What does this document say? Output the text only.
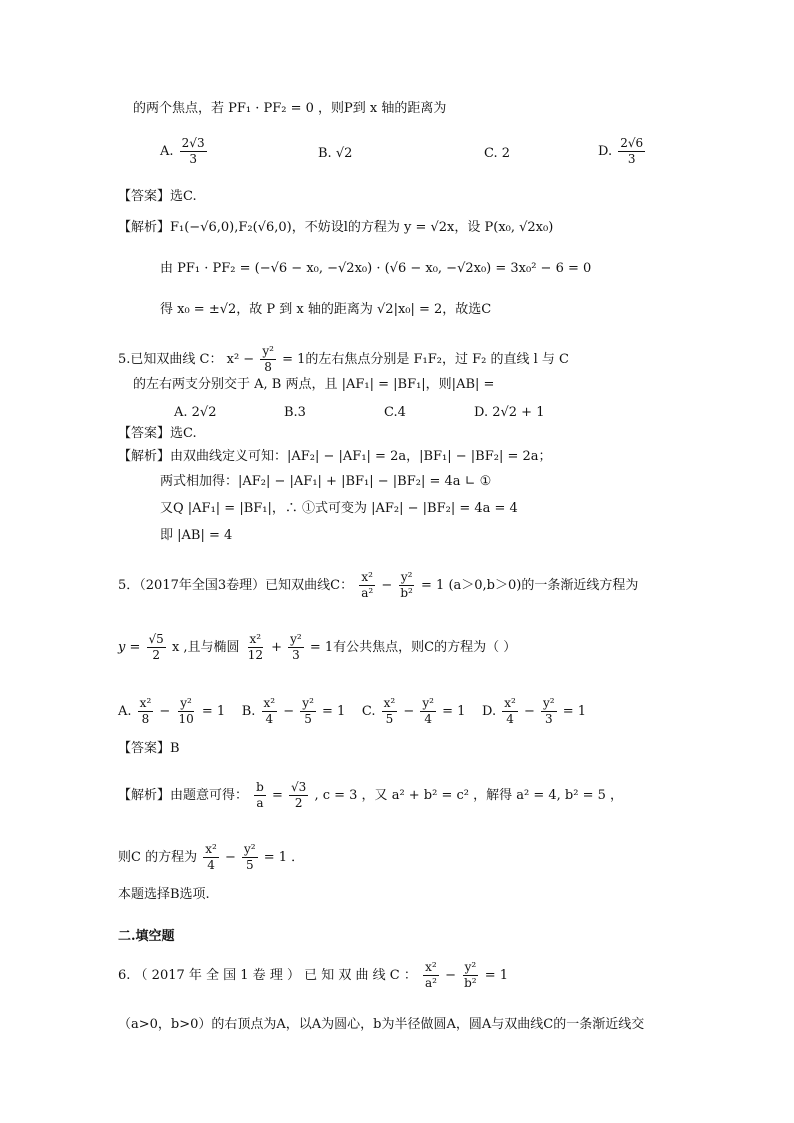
的两个焦点，若 PF₁ · PF₂ = 0 ，则P到 x 轴的距离为
A. $\frac{2√3}{3}$	B. √2	C. 2	D. $\frac{2√6}{3}$
【答案】选C.
【解析】F₁(−√6,0),F₂(√6,0)，不妨设l的方程为 y = √2x，设 P(x₀, √2x₀)
由 PF₁ · PF₂ = (−√6 − x₀, −√2x₀) · (√6 − x₀, −√2x₀) = 3x₀² − 6 = 0
得 x₀ = ±√2，故 P 到 x 轴的距离为 √2|x₀| = 2，故选C
5.已知双曲线 C： $x^2 - \frac{\text{y²}}{8} = 1$的左右焦点分别是 F₁F₂，过 F₂ 的直线 l 与 C
的左右两支分别交于 A, B 两点，且 |AF₁| = |BF₁|，则|AB| =
A. 2√2	B.3	C.4	D. 2√2 + 1
【答案】选C.
【解析】由双曲线定义可知：|AF₂| − |AF₁| = 2a，|BF₁| − |BF₂| = 2a；
两式相加得：|AF₂| − |AF₁| + |BF₁| − |BF₂| = 4a ∟ ①
又Q |AF₁| = |BF₁|，∴ ①式可变为 |AF₂| − |BF₂| = 4a = 4
即 |AB| = 4
5．（2017年全国3卷理）已知双曲线C： $\frac{\text{x²}}{\text{a²}} - \frac{\text{y²}}{\text{b²}} = 1$ (a＞0,b＞0)的一条渐近线方程为
$y = \frac{√5}{2}$ x ,且与椭圆 $\frac{\text{x²}}{12} + \frac{\text{y²}}{3} = 1$有公共焦点，则C的方程为（ ）
A. $\frac{\text{x²}}{8} - \frac{\text{y²}}{10} = 1$ B. $\frac{\text{x²}}{4} - \frac{\text{y²}}{5} = 1$ C. $\frac{\text{x²}}{5} - \frac{\text{y²}}{4} = 1$ D. $\frac{\text{x²}}{4} - \frac{\text{y²}}{3} = 1$
【答案】B
【解析】由题意可得： $\frac{b}{a} = \frac{√3}{2}$ , c = 3 ，又 a² + b² = c² ，解得 a² = 4, b² = 5 ，
则C 的方程为 $\frac{\text{x²}}{4} - \frac{\text{y²}}{5} = 1$ ．
本题选择B选项.
二.填空题
6. （ 2017 年 全 国 1 卷 理 ） 已 知 双 曲 线 C ： $\frac{\text{x²}}{\text{a²}} - \frac{\text{y²}}{\text{b²}} = 1$
（a>0，b>0）的右顶点为A，以A为圆心，b为半径做圆A，圆A与双曲线C的一条渐近线交
